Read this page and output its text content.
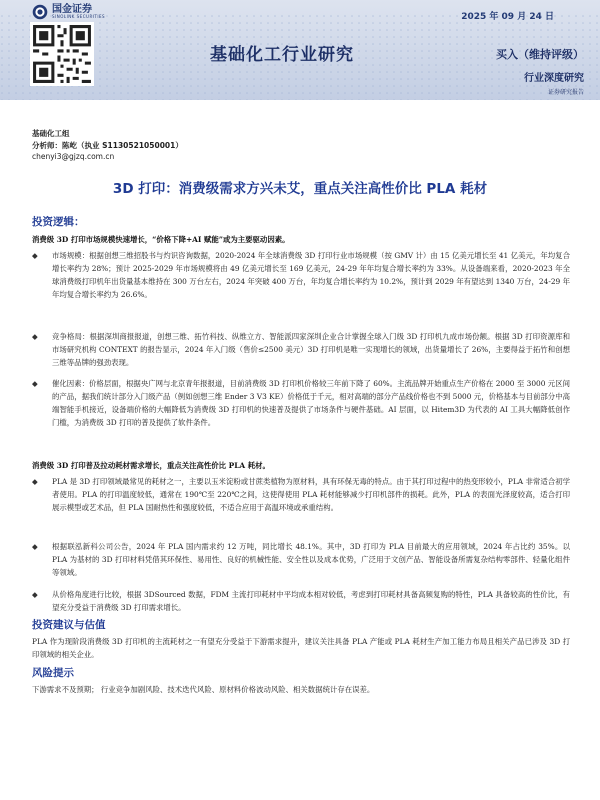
国金证券
SINOLINK SECURITIES	2025 年 09 月 24 日
基础化工行业研究	买入（维持评级）
行业深度研究
证券研究报告
基础化工组
分析师：陈屹（执业 S1130521050001）
chenyi3@gjzq.com.cn
3D 打印：消费级需求方兴未艾，重点关注高性价比 PLA 耗材
投资逻辑：
消费级 3D 打印市场规模快速增长，“价格下降+AI 赋能”或为主要驱动因素。
◆ 市场规模：根据创想三维招股书与灼识咨询数据，2020-2024 年全球消费级 3D 打印行业市场规模（按 GMV 计）由 15 亿美元增长至 41 亿美元，年均复合增长率约为 28%；预计 2025-2029 年市场规模将由 49 亿美元增长至 169 亿美元，24-29 年年均复合增长率约为 33%。从设备端来看，2020-2023 年全球消费级打印机年出货量基本维持在 300 万台左右，2024 年突破 400 万台，年均复合增长率约为 10.2%，预计到 2029 年有望达到 1340 万台，24-29 年年均复合增长率约为 26.6%。
◆ 竞争格局：根据深圳商报报道，创想三维、拓竹科技、纵维立方、智能派四家深圳企业合计掌握全球入门级 3D 打印机九成市场份额。根据 3D 打印资源库和市场研究机构 CONTEXT 的报告显示，2024 年入门级（售价≤2500 美元）3D 打印机是唯一实现增长的领域，出货量增长了 26%，主要得益于拓竹和创想三维等品牌的强劲表现。
◆ 催化因素：价格层面，根据央广网与北京青年报报道，目前消费级 3D 打印机价格较三年前下降了 60%。主流品牌开始重点生产价格在 2000 至 3000 元区间的产品，据我们统计部分入门级产品（例如创想三维 Ender 3 V3 KE）价格低于千元，相对高端的部分产品线价格也不到 5000 元，价格基本与目前部分中高端智能手机接近，设备端价格的大幅降低为消费级 3D 打印机的快速普及提供了市场条件与硬件基础。AI 层面，以 Hitem3D 为代表的 AI 工具大幅降低创作门槛，为消费级 3D 打印的普及提供了软件条件。
消费级 3D 打印普及拉动耗材需求增长，重点关注高性价比 PLA 耗材。
◆ PLA 是 3D 打印领域最常见的耗材之一，主要以玉米淀粉或甘蔗类植物为原材料，具有环保无毒的特点。由于其打印过程中的热变形较小，PLA 非常适合初学者使用。PLA 的打印温度较低，通常在 190℃至 220℃之间，这使得使用 PLA 耗材能够减少打印机部件的损耗。此外，PLA 的表面光泽度较高，适合打印展示模型或艺术品，但 PLA 国耐热性和强度较低，不适合应用于高温环境或承重结构。
◆ 根据联泓新科公司公告，2024 年 PLA 国内需求约 12 万吨，同比增长 48.1%。其中，3D 打印为 PLA 目前最大的应用领域，2024 年占比约 35%。以 PLA 为基材的 3D 打印材料凭借其环保性、易用性、良好的机械性能、安全性以及成本优势，广泛用于文创产品、智能设备所需复杂结构零部件、轻量化组件等领域。
◆ 从价格角度进行比较，根据 3DSourced 数据，FDM 主流打印耗材中平均成本相对较低，考虑到打印耗材具备高频复购的特性，PLA 具备较高的性价比，有望充分受益于消费级 3D 打印需求增长。
投资建议与估值
PLA 作为现阶段消费级 3D 打印机的主流耗材之一有望充分受益于下游需求提升，建议关注具备 PLA 产能或 PLA 耗材生产加工能力布局且相关产品已涉及 3D 打印领域的相关企业。
风险提示
下游需求不及预期； 行业竞争加剧风险、技术迭代风险、原材料价格波动风险、相关数据统计存在误差。
